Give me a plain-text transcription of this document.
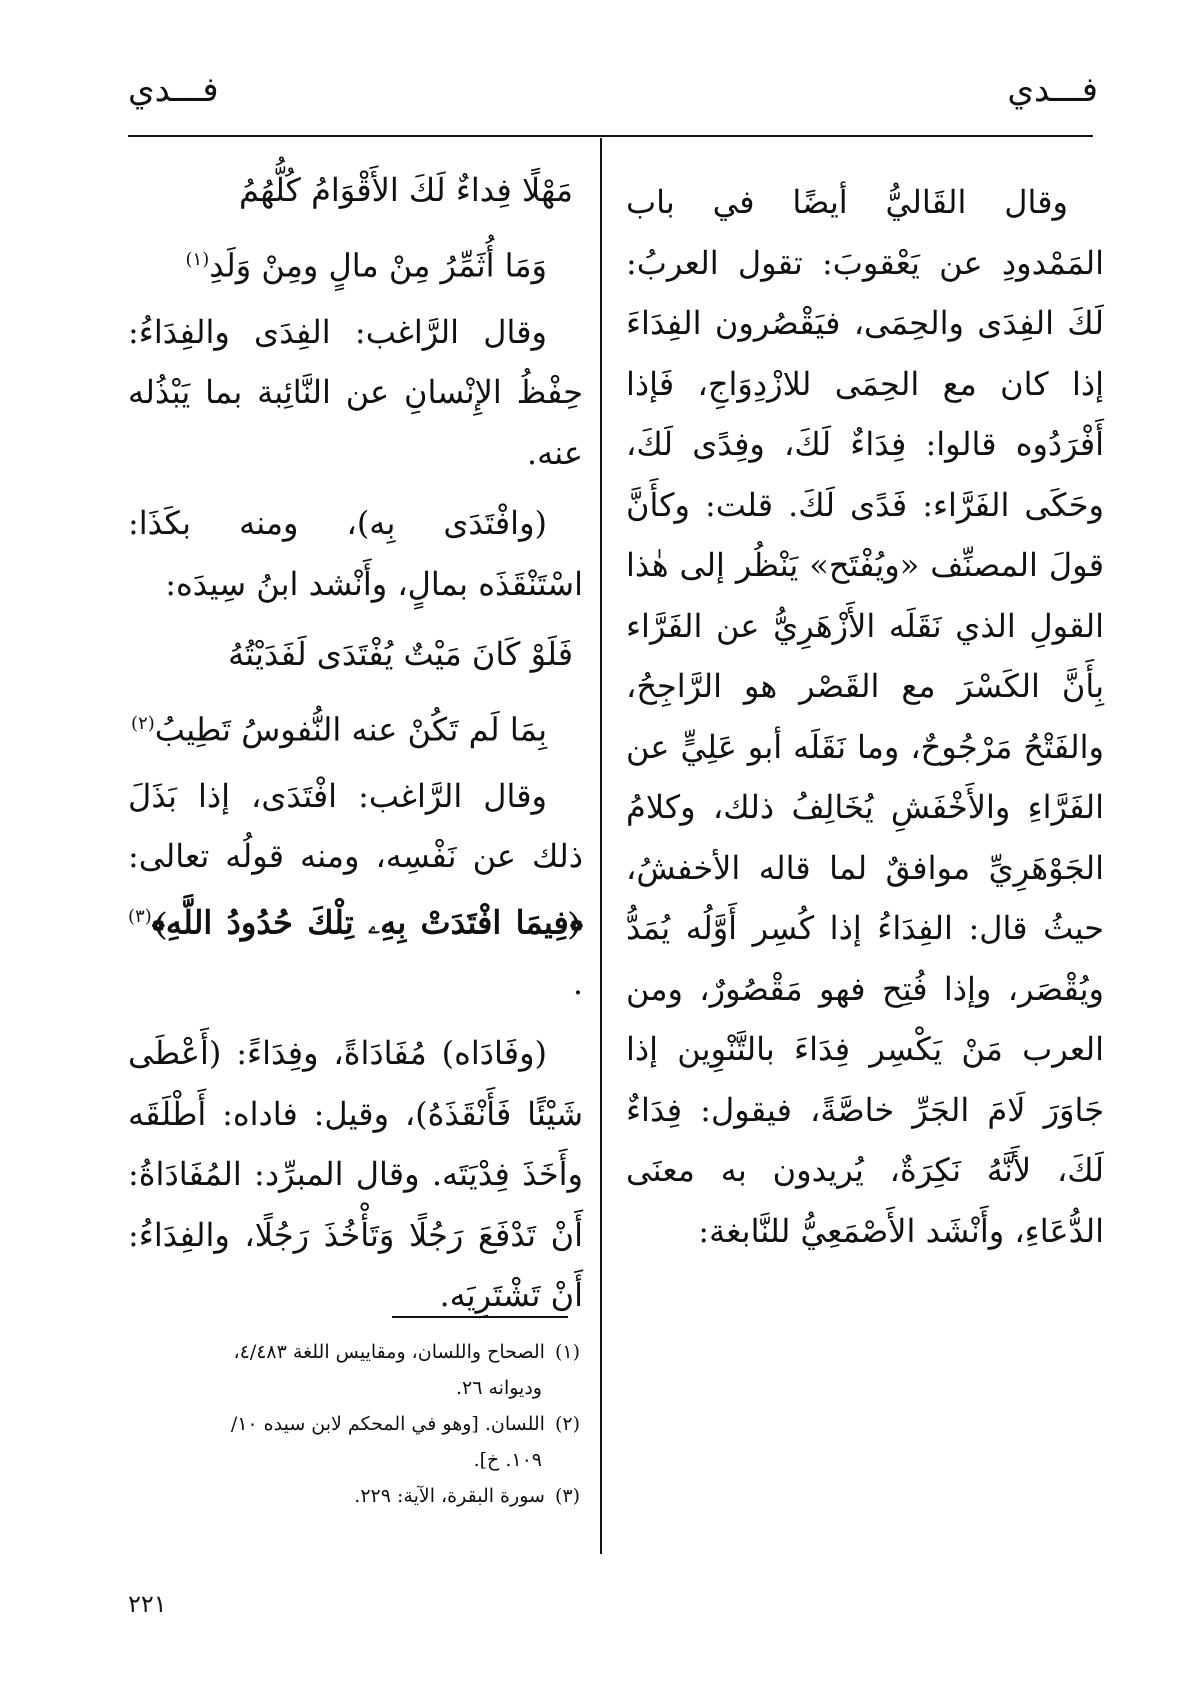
فـــدي
فـــدي

وقال القَاليُّ أيضًا في باب المَمْدودِ عن يَعْقوبَ: تقول العربُ: لَكَ الفِدَى والحِمَى، فيَقْصُرون الفِدَاءَ إذا كان مع الحِمَى للازْدِوَاجِ، فَإذا أَفْرَدُوه قالوا: فِدَاءٌ لَكَ، وفِدًى لَكَ، وحَكَى الفَرَّاء: فَدًى لَكَ. قلت: وكأَنَّ قولَ المصنِّف «ويُفْتَح» يَنْظُر إلى هٰذا القولِ الذي نَقَلَه الأَزْهَرِيُّ عن الفَرَّاء بِأَنَّ الكَسْرَ مع القَصْر هو الرَّاجِحُ، والفَتْحُ مَرْجُوحٌ، وما نَقَلَه أبو عَلِيٍّ عن الفَرَّاءِ والأَخْفَشِ يُخَالِفُ ذلك، وكلامُ الجَوْهَرِيِّ موافقٌ لما قاله الأخفشُ، حيثُ قال: الفِدَاءُ إذا كُسِر أَوَّلُه يُمَدُّ ويُقْصَر، وإذا فُتِح فهو مَقْصُورٌ، ومن العرب مَنْ يَكْسِر فِدَاءَ بالتَّنْوِين إذا جَاوَرَ لَامَ الجَرِّ خاصَّةً، فيقول: فِدَاءٌ لَكَ، لأَنَّهُ نَكِرَةٌ، يُريدون به معنَى الدُّعَاءِ، وأَنْشَد الأَصْمَعِيُّ للنَّابغة:

مَهْلًا فِداءٌ لَكَ الأَقْوَامُ كُلُّهُمُ

وَمَا أُثَمِّرُ مِنْ مالٍ ومِنْ وَلَدِ$^{(١)}$

وقال الرَّاغب: الفِدَى والفِدَاءُ: حِفْظُ الإِنْسانِ عن النَّائِبة بما يَبْذُله عنه.

(وافْتَدَى بِه)، ومنه بكَذَا: اسْتَنْقَذَه بمالٍ، وأَنْشد ابنُ سِيدَه:

فَلَوْ كَانَ مَيْتٌ يُفْتَدَى لَفَدَيْتُهُ

بِمَا لَم تَكُنْ عنه النُّفوسُ تَطِيبُ$^{(٢)}$

وقال الرَّاغب: افْتَدَى، إذا بَذَلَ ذلك عن نَفْسِه، ومنه قولُه تعالى: ﴿فِيمَا افْتَدَتْ بِهِۦ تِلْكَ حُدُودُ اللَّهِ﴾$^{(٣)}$ .

(وفَادَاه) مُفَادَاةً، وفِدَاءً: (أَعْطَى شَيْئًا فَأَنْقَذَهُ)، وقيل: فاداه: أَطْلَقَه وأَخَذَ فِدْيَتَه. وقال المبرِّد: المُفَادَاةُ: أَنْ تَدْفَعَ رَجُلًا وَتَأْخُذَ رَجُلًا، والفِدَاءُ: أَنْ تَشْتَرِيَه.

(١)الصحاح واللسان، ومقاييس اللغة ٤/٤٨٣،

وديوانه ٢٦.

(٢)اللسان. [وهو في المحكم لابن سيده ١٠/

١٠٩. خ].

(٣)سورة البقرة، الآية: ٢٢٩.

٢٢١
